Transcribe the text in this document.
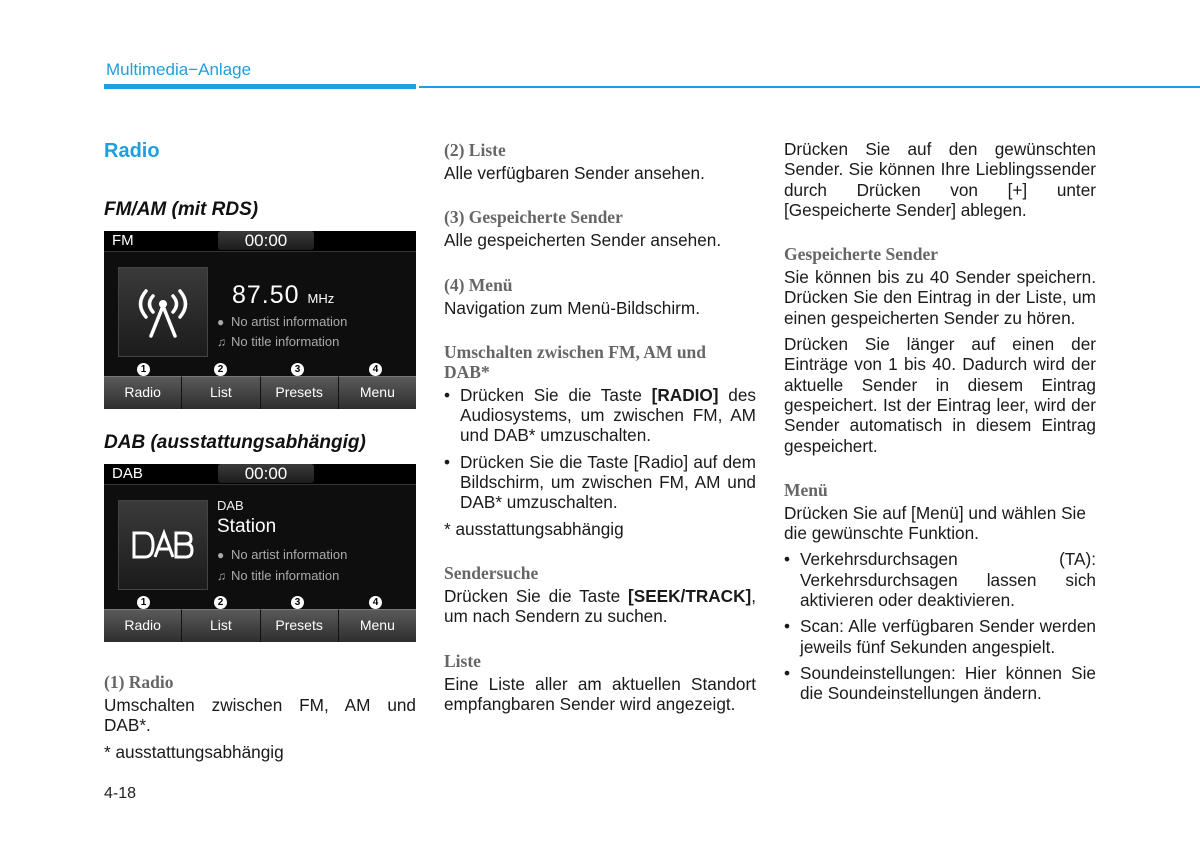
Multimedia−Anlage
Radio
FM/AM (mit RDS)
FM	00:00
87.50 MHz
● No artist information
♫ No title information
1	2	3	4
Radio	List	Presets	Menu
DAB (ausstattungsabhängig)
DAB	00:00
DAB
Station
● No artist information
♫ No title information
1	2	3	4
Radio	List	Presets	Menu
(1) Radio

Umschalten zwischen FM, AM und DAB*.

* ausstattungsabhängig

(2) Liste

Alle verfügbaren Sender ansehen.

(3) Gespeicherte Sender

Alle gespeicherten Sender ansehen.

(4) Menü

Navigation zum Menü-Bildschirm.

Umschalten zwischen FM, AM und DAB*
• Drücken Sie die Taste [RADIO] des Audiosystems, um zwischen FM, AM und DAB* umzuschalten.
• Drücken Sie die Taste [Radio] auf dem Bildschirm, um zwischen FM, AM und DAB* umzuschalten.

* ausstattungsabhängig

Sendersuche

Drücken Sie die Taste [SEEK/TRACK], um nach Sendern zu suchen.

Liste

Eine Liste aller am aktuellen Standort empfangbaren Sender wird angezeigt.

Drücken Sie auf den gewünschten Sender. Sie können Ihre Lieblingssender durch Drücken von [+] unter [Gespeicherte Sender] ablegen.

Gespeicherte Sender

Sie können bis zu 40 Sender speichern. Drücken Sie den Eintrag in der Liste, um einen gespeicherten Sender zu hören.

Drücken Sie länger auf einen der Einträge von 1 bis 40. Dadurch wird der aktuelle Sender in diesem Eintrag gespeichert. Ist der Eintrag leer, wird der Sender automatisch in diesem Eintrag gespeichert.

Menü

Drücken Sie auf [Menü] und wählen Sie die gewünschte Funktion.

• Verkehrsdurchsagen (TA): Verkehrsdurchsagen lassen sich aktivieren oder deaktivieren.
• Scan: Alle verfügbaren Sender werden jeweils fünf Sekunden angespielt.
• Soundeinstellungen: Hier können Sie die Soundeinstellungen ändern.
4-18
